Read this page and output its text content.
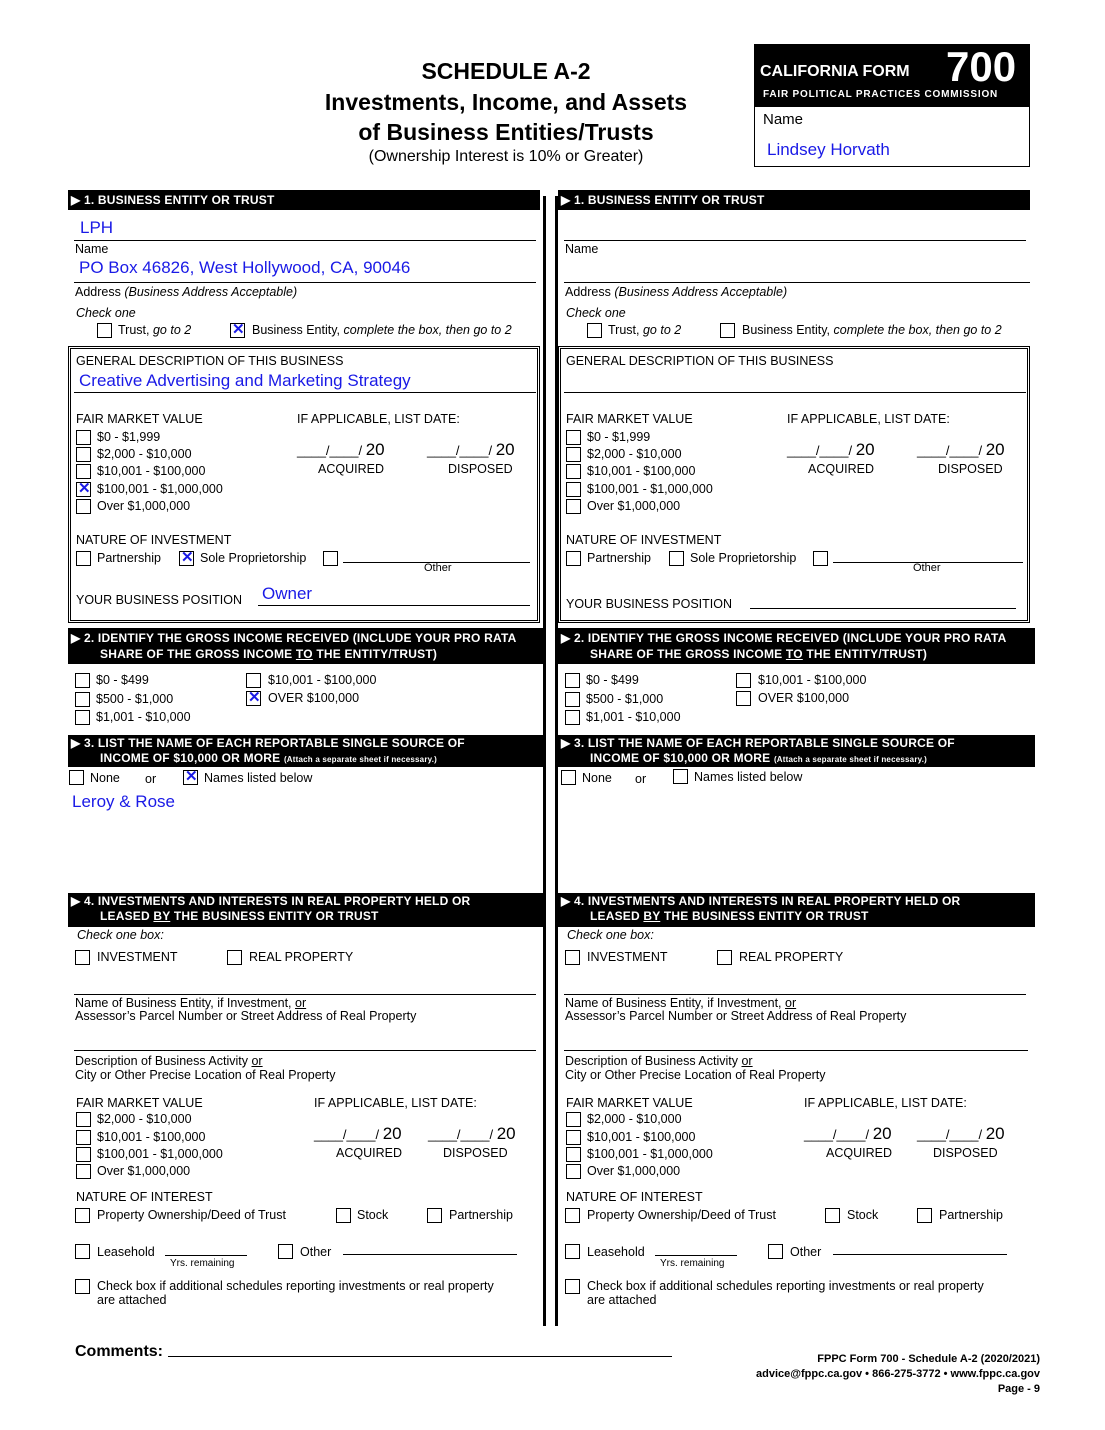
SCHEDULE A-2
Investments, Income, and Assets
of Business Entities/Trusts
(Ownership Interest is 10% or Greater)
CALIFORNIA FORM 700
FAIR POLITICAL PRACTICES COMMISSION
Name
Lindsey Horvath
▶ 1. BUSINESS ENTITY OR TRUST
LPH
Name
PO Box 46826, West Hollywood, CA, 90046
Address (Business Address Acceptable)
Check one
Trust, go to 2	✕ Business Entity, complete the box, then go to 2
GENERAL DESCRIPTION OF THIS BUSINESS
Creative Advertising and Marketing Strategy
FAIR MARKET VALUE	IF APPLICABLE, LIST DATE:
$0 - $1,999
$2,000 - $10,000
$10,001 - $100,000
✕ $100,001 - $1,000,000
Over $1,000,000
____/____/ 20
ACQUIRED
____/____/ 20
DISPOSED
NATURE OF INVESTMENT
Partnership ✕ Sole Proprietorship
Other
YOUR BUSINESS POSITION Owner
▶ 2. IDENTIFY THE GROSS INCOME RECEIVED (INCLUDE YOUR PRO RATA
SHARE OF THE GROSS INCOME TO THE ENTITY/TRUST)
$0 - $499
$500 - $1,000
$1,001 - $10,000
$10,001 - $100,000
✕ OVER $100,000
▶ 3. LIST THE NAME OF EACH REPORTABLE SINGLE SOURCE OF
INCOME OF $10,000 OR MORE (Attach a separate sheet if necessary.)
None or ✕ Names listed below
Leroy & Rose
▶ 4. INVESTMENTS AND INTERESTS IN REAL PROPERTY HELD OR
LEASED BY THE BUSINESS ENTITY OR TRUST
Check one box:
INVESTMENT	REAL PROPERTY
Name of Business Entity, if Investment, or
Assessor’s Parcel Number or Street Address of Real Property
Description of Business Activity or
City or Other Precise Location of Real Property
FAIR MARKET VALUE	IF APPLICABLE, LIST DATE:
$2,000 - $10,000
$10,001 - $100,000
$100,001 - $1,000,000
Over $1,000,000
____/____/ 20
ACQUIRED
____/____/ 20
DISPOSED
NATURE OF INTEREST
Property Ownership/Deed of Trust	Stock	Partnership
Leasehold
Yrs. remaining
Other
Check box if additional schedules reporting investments or real property
are attached
▶ 1. BUSINESS ENTITY OR TRUST
Name
Address (Business Address Acceptable)
Check one
Trust, go to 2	Business Entity, complete the box, then go to 2
GENERAL DESCRIPTION OF THIS BUSINESS
FAIR MARKET VALUE	IF APPLICABLE, LIST DATE:
$0 - $1,999
$2,000 - $10,000
$10,001 - $100,000
$100,001 - $1,000,000
Over $1,000,000
____/____/ 20
ACQUIRED
____/____/ 20
DISPOSED
NATURE OF INVESTMENT
Partnership	Sole Proprietorship
Other
YOUR BUSINESS POSITION
▶ 2. IDENTIFY THE GROSS INCOME RECEIVED (INCLUDE YOUR PRO RATA
SHARE OF THE GROSS INCOME TO THE ENTITY/TRUST)
$0 - $499
$500 - $1,000
$1,001 - $10,000
$10,001 - $100,000
OVER $100,000
▶ 3. LIST THE NAME OF EACH REPORTABLE SINGLE SOURCE OF
INCOME OF $10,000 OR MORE (Attach a separate sheet if necessary.)
None or	Names listed below
▶ 4. INVESTMENTS AND INTERESTS IN REAL PROPERTY HELD OR
LEASED BY THE BUSINESS ENTITY OR TRUST
Check one box:
INVESTMENT	REAL PROPERTY
Name of Business Entity, if Investment, or
Assessor’s Parcel Number or Street Address of Real Property
Description of Business Activity or
City or Other Precise Location of Real Property
FAIR MARKET VALUE	IF APPLICABLE, LIST DATE:
$2,000 - $10,000
$10,001 - $100,000
$100,001 - $1,000,000
Over $1,000,000
____/____/ 20
ACQUIRED
____/____/ 20
DISPOSED
NATURE OF INTEREST
Property Ownership/Deed of Trust	Stock	Partnership
Leasehold
Yrs. remaining
Other
Check box if additional schedules reporting investments or real property
are attached
Comments:	FPPC Form 700 - Schedule A-2 (2020/2021)
advice@fppc.ca.gov • 866-275-3772 • www.fppc.ca.gov
Page - 9
